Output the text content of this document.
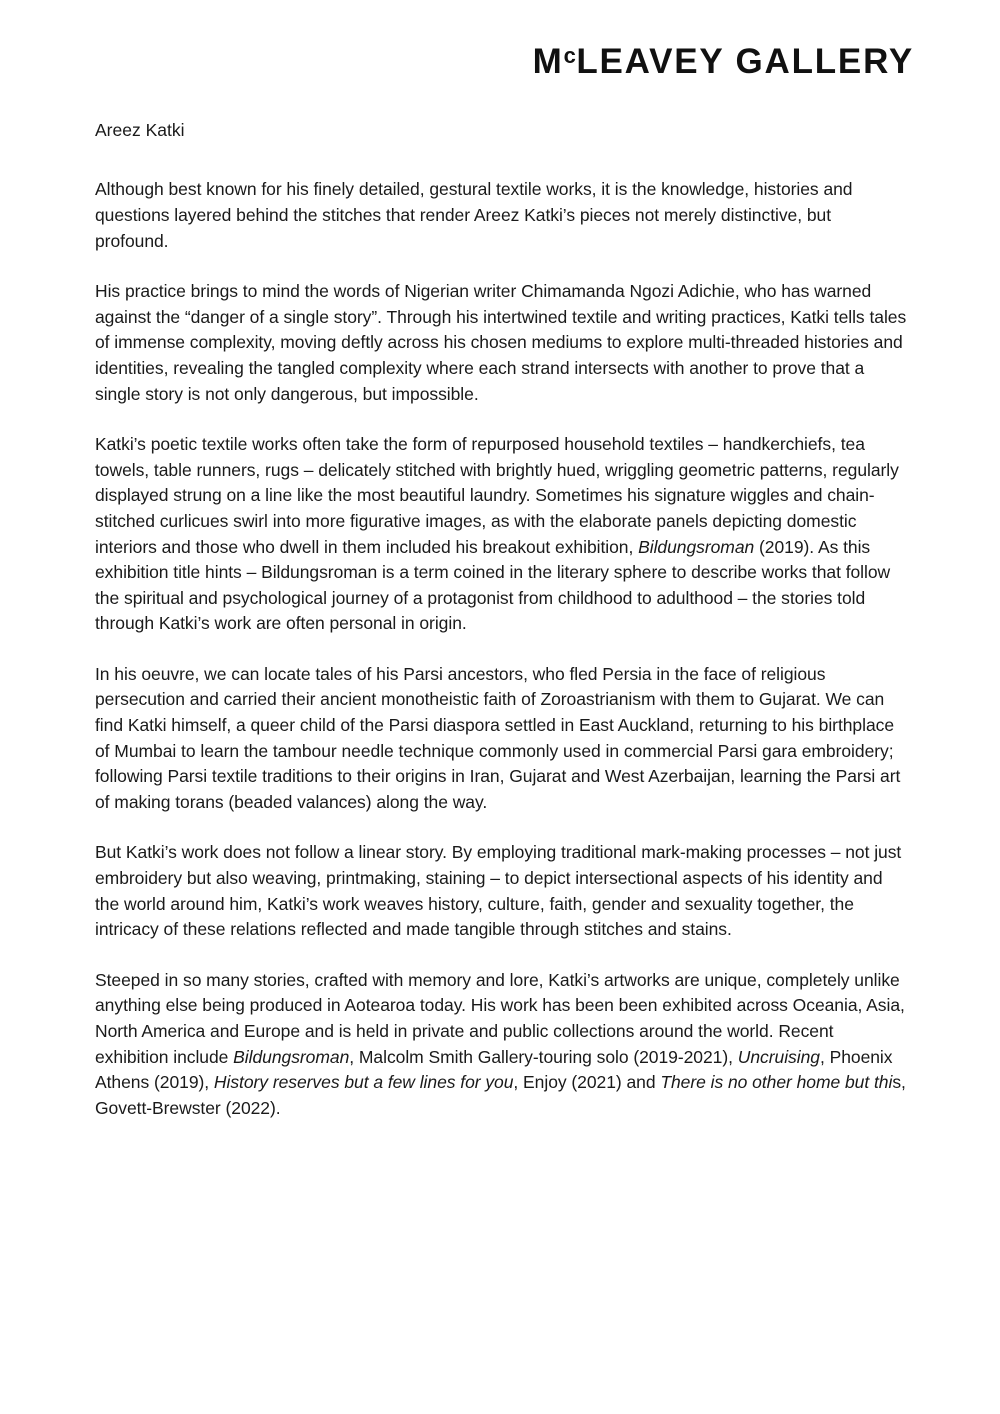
$M^cLEAVEY$ GALLERY
Areez Katki

Although best known for his finely detailed, gestural textile works, it is the knowledge, histories and questions layered behind the stitches that render Areez Katki’s pieces not merely distinctive, but profound.

His practice brings to mind the words of Nigerian writer Chimamanda Ngozi Adichie, who has warned against the “danger of a single story”. Through his intertwined textile and writing practices, Katki tells tales of immense complexity, moving deftly across his chosen mediums to explore multi-threaded histories and identities, revealing the tangled complexity where each strand intersects with another to prove that a single story is not only dangerous, but impossible.

Katki’s poetic textile works often take the form of repurposed household textiles – handkerchiefs, tea towels, table runners, rugs – delicately stitched with brightly hued, wriggling geometric patterns, regularly displayed strung on a line like the most beautiful laundry. Sometimes his signature wiggles and chain-stitched curlicues swirl into more figurative images, as with the elaborate panels depicting domestic interiors and those who dwell in them included his breakout exhibition, Bildungsroman (2019). As this exhibition title hints – Bildungsroman is a term coined in the literary sphere to describe works that follow the spiritual and psychological journey of a protagonist from childhood to adulthood – the stories told through Katki’s work are often personal in origin.

In his oeuvre, we can locate tales of his Parsi ancestors, who fled Persia in the face of religious persecution and carried their ancient monotheistic faith of Zoroastrianism with them to Gujarat. We can find Katki himself, a queer child of the Parsi diaspora settled in East Auckland, returning to his birthplace of Mumbai to learn the tambour needle technique commonly used in commercial Parsi gara embroidery; following Parsi textile traditions to their origins in Iran, Gujarat and West Azerbaijan, learning the Parsi art of making torans (beaded valances) along the way.

But Katki’s work does not follow a linear story. By employing traditional mark-making processes – not just embroidery but also weaving, printmaking, staining – to depict intersectional aspects of his identity and the world around him, Katki’s work weaves history, culture, faith, gender and sexuality together, the intricacy of these relations reflected and made tangible through stitches and stains.

Steeped in so many stories, crafted with memory and lore, Katki’s artworks are unique, completely unlike anything else being produced in Aotearoa today. His work has been been exhibited across Oceania, Asia, North America and Europe and is held in private and public collections around the world. Recent exhibition include Bildungsroman, Malcolm Smith Gallery-touring solo (2019-2021), Uncruising, Phoenix Athens (2019), History reserves but a few lines for you, Enjoy (2021) and There is no other home but this, Govett-Brewster (2022).
